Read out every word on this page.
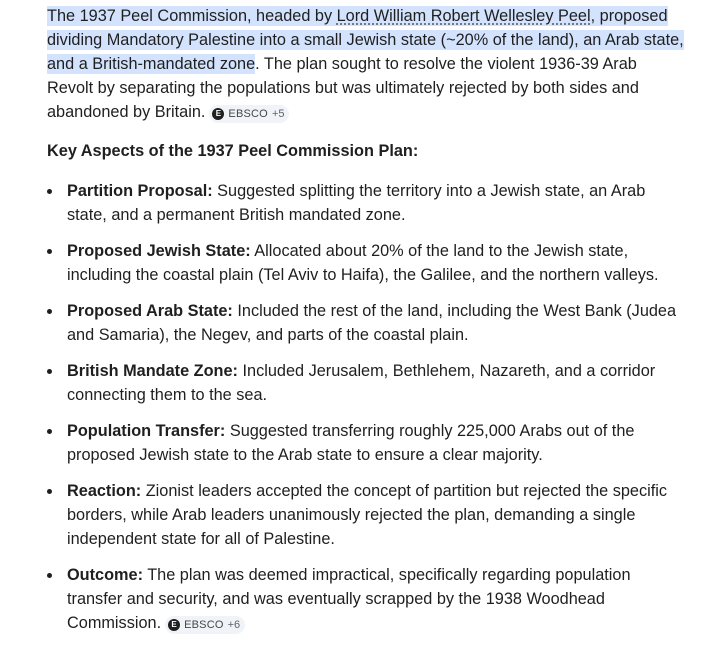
The 1937 Peel Commission, headed by Lord William Robert Wellesley Peel, proposed dividing Mandatory Palestine into a small Jewish state (~20% of the land), an Arab state, and a British-mandated zone. The plan sought to resolve the violent 1936-39 Arab Revolt by separating the populations but was ultimately rejected by both sides and abandoned by Britain.	E EBSCO +5

Key Aspects of the 1937 Peel Commission Plan:

Partition Proposal: Suggested splitting the territory into a Jewish state, an Arab state, and a permanent British mandated zone.
Proposed Jewish State: Allocated about 20% of the land to the Jewish state, including the coastal plain (Tel Aviv to Haifa), the Galilee, and the northern valleys.
Proposed Arab State: Included the rest of the land, including the West Bank (Judea and Samaria), the Negev, and parts of the coastal plain.
British Mandate Zone: Included Jerusalem, Bethlehem, Nazareth, and a corridor connecting them to the sea.
Population Transfer: Suggested transferring roughly 225,000 Arabs out of the proposed Jewish state to the Arab state to ensure a clear majority.
Reaction: Zionist leaders accepted the concept of partition but rejected the specific borders, while Arab leaders unanimously rejected the plan, demanding a single independent state for all of Palestine.
Outcome: The plan was deemed impractical, specifically regarding population transfer and security, and was eventually scrapped by the 1938 Woodhead Commission.	E EBSCO +6
